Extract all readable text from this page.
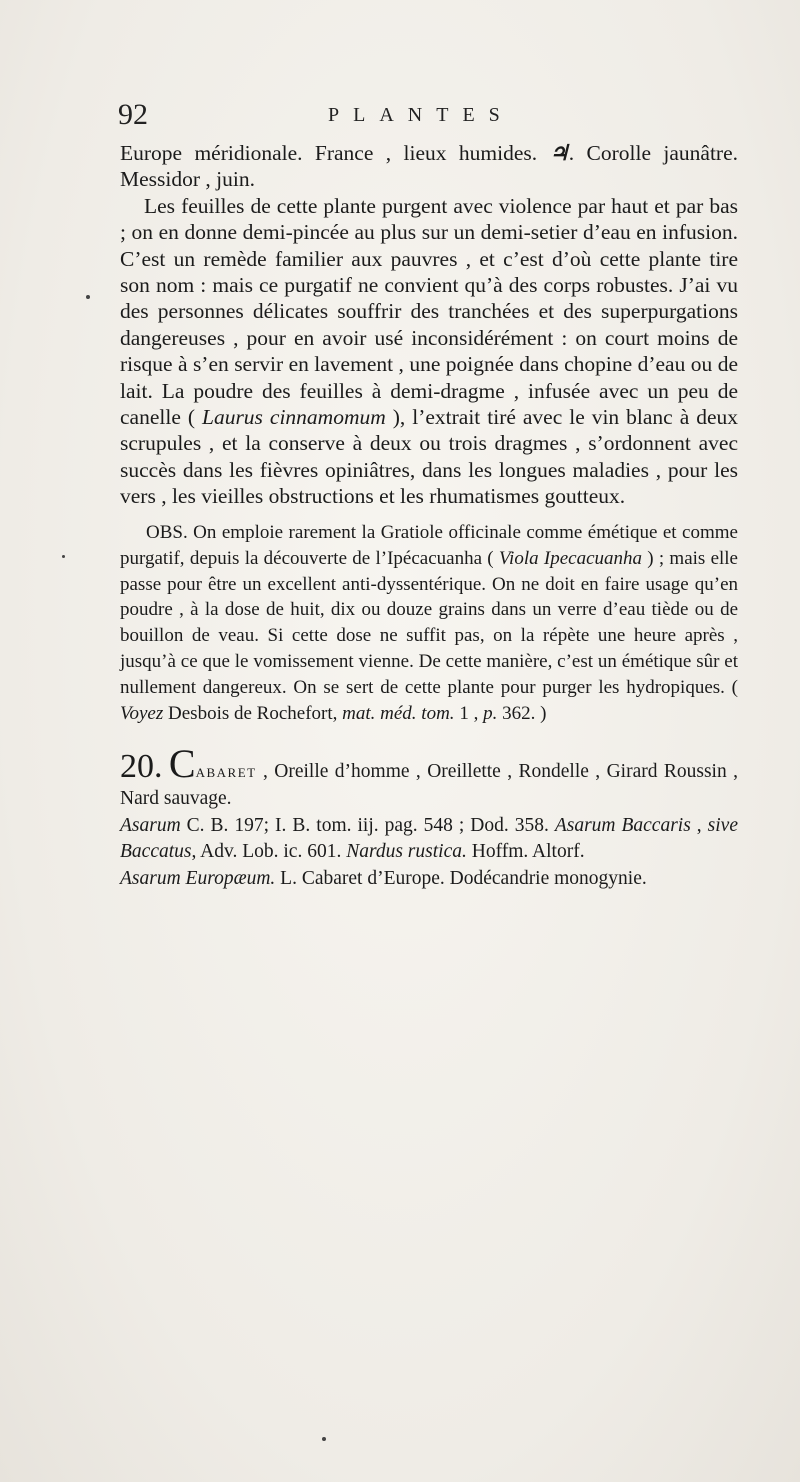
92	PLANTES

Europe méridionale. France , lieux humides. ♃. Corolle jaunâtre. Messidor , juin.

Les feuilles de cette plante purgent avec violence par haut et par bas ; on en donne demi-pincée au plus sur un demi-setier d’eau en infusion. C’est un remède familier aux pauvres , et c’est d’où cette plante tire son nom : mais ce purgatif ne convient qu’à des corps robustes. J’ai vu des personnes délicates souffrir des tranchées et des superpurgations dangereuses , pour en avoir usé inconsidérément : on court moins de risque à s’en servir en lavement , une poignée dans chopine d’eau ou de lait. La poudre des feuilles à demi-dragme , infusée avec un peu de canelle ( Laurus cinnamomum ), l’extrait tiré avec le vin blanc à deux scrupules , et la conserve à deux ou trois dragmes , s’ordonnent avec succès dans les fièvres opiniâtres, dans les longues maladies , pour les vers , les vieilles obstructions et les rhumatismes goutteux.

OBS. On emploie rarement la Gratiole officinale comme émétique et comme purgatif, depuis la découverte de l’Ipécacuanha ( Viola Ipecacuanha ) ; mais elle passe pour être un excellent anti-dyssentérique. On ne doit en faire usage qu’en poudre , à la dose de huit, dix ou douze grains dans un verre d’eau tiède ou de bouillon de veau. Si cette dose ne suffit pas, on la répète une heure après , jusqu’à ce que le vomissement vienne. De cette manière, c’est un émétique sûr et nullement dangereux. On se sert de cette plante pour purger les hydropiques. ( Voyez Desbois de Rochefort, mat. méd. tom. 1 , p. 362. )

20. CABARET , Oreille d’homme , Oreillette , Rondelle , Girard Roussin , Nard sauvage.
Asarum C. B. 197; I. B. tom. iij. pag. 548 ; Dod. 358. Asarum Baccaris , sive Baccatus, Adv. Lob. ic. 601. Nardus rustica. Hoffm. Altorf.
Asarum Europæum. L. Cabaret d’Europe. Dodécandrie monogynie.
